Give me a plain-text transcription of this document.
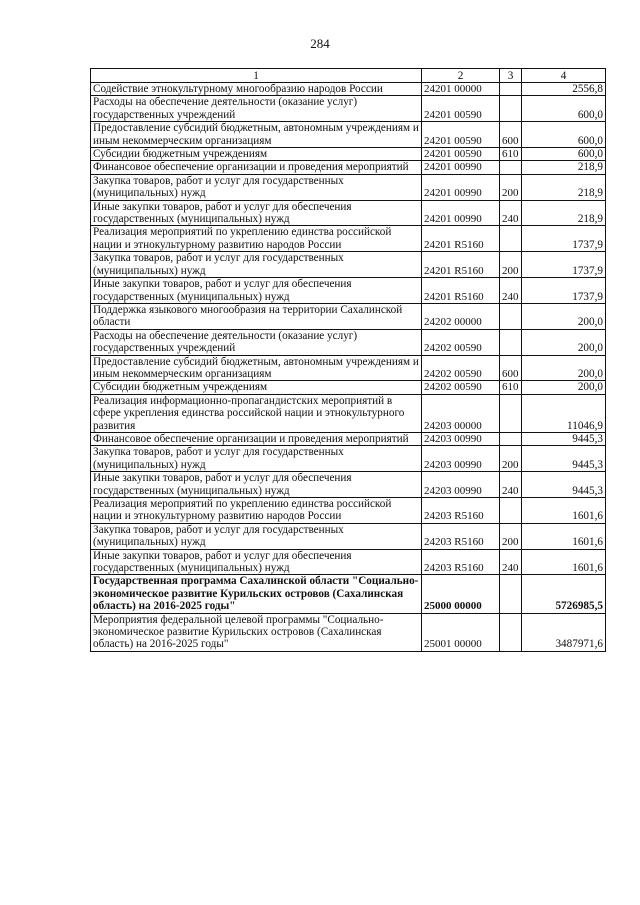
284
1	2	3	4
Содействие этнокультурному многообразию народов России	24201 00000		2556,8
Расходы на обеспечение деятельности (оказание услуг) государственных учреждений	24201 00590		600,0
Предоставление субсидий бюджетным, автономным учреждениям и иным некоммерческим организациям	24201 00590	600	600,0
Субсидии бюджетным учреждениям	24201 00590	610	600,0
Финансовое обеспечение организации и проведения мероприятий	24201 00990		218,9
Закупка товаров, работ и услуг для государственных (муниципальных) нужд	24201 00990	200	218,9
Иные закупки товаров, работ и услуг для обеспечения государственных (муниципальных) нужд	24201 00990	240	218,9
Реализация мероприятий по укреплению единства российской нации и этнокультурному развитию народов России	24201 R5160		1737,9
Закупка товаров, работ и услуг для государственных (муниципальных) нужд	24201 R5160	200	1737,9
Иные закупки товаров, работ и услуг для обеспечения государственных (муниципальных) нужд	24201 R5160	240	1737,9
Поддержка языкового многообразия на территории Сахалинской области	24202 00000		200,0
Расходы на обеспечение деятельности (оказание услуг) государственных учреждений	24202 00590		200,0
Предоставление субсидий бюджетным, автономным учреждениям и иным некоммерческим организациям	24202 00590	600	200,0
Субсидии бюджетным учреждениям	24202 00590	610	200,0
Реализация информационно-пропагандистских мероприятий в сфере укрепления единства российской нации и этнокультурного развития	24203 00000		11046,9
Финансовое обеспечение организации и проведения мероприятий	24203 00990		9445,3
Закупка товаров, работ и услуг для государственных (муниципальных) нужд	24203 00990	200	9445,3
Иные закупки товаров, работ и услуг для обеспечения государственных (муниципальных) нужд	24203 00990	240	9445,3
Реализация мероприятий по укреплению единства российской нации и этнокультурному развитию народов России	24203 R5160		1601,6
Закупка товаров, работ и услуг для государственных (муниципальных) нужд	24203 R5160	200	1601,6
Иные закупки товаров, работ и услуг для обеспечения государственных (муниципальных) нужд	24203 R5160	240	1601,6
Государственная программа Сахалинской области "Социально-экономическое развитие Курильских островов (Сахалинская область) на 2016-2025 годы"	25000 00000		5726985,5
Мероприятия федеральной целевой программы "Социально-экономическое развитие Курильских островов (Сахалинская область) на 2016-2025 годы"	25001 00000		3487971,6
